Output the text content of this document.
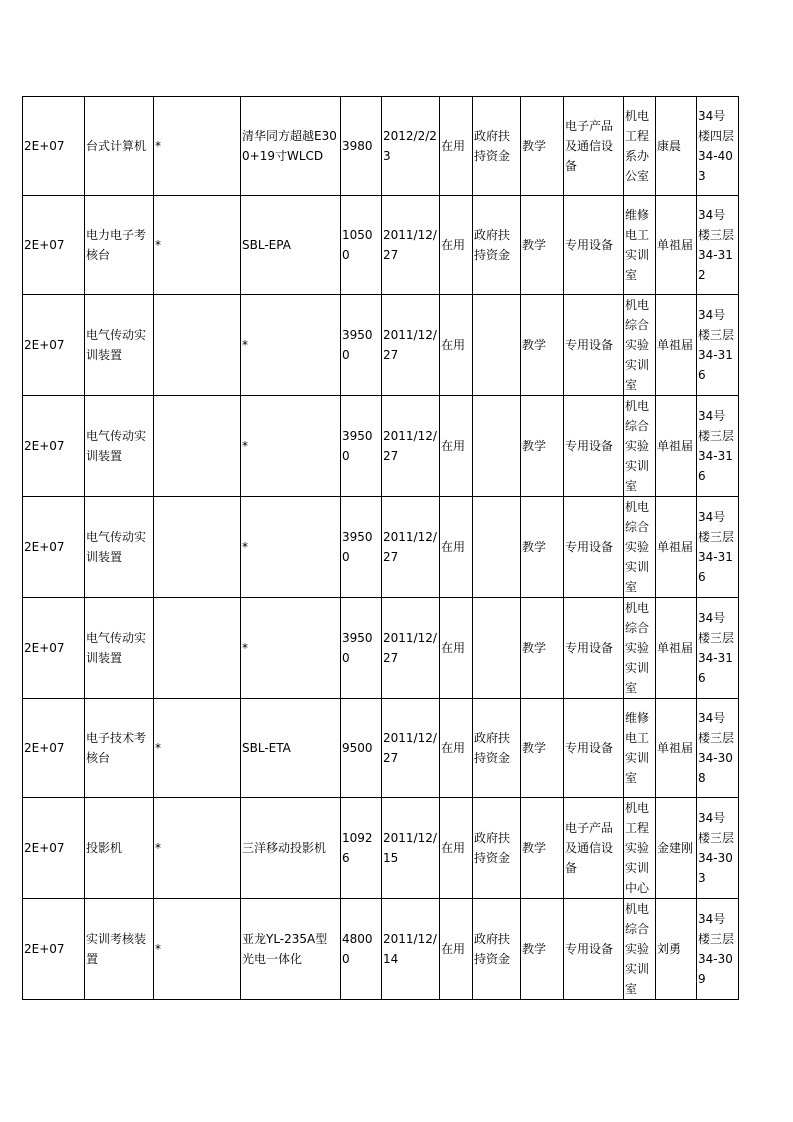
2E+07	台式计算机	*	清华同方超越E300+19寸WLCD	3980	2012/2/23	在用	政府扶持资金	教学	电子产品及通信设备	机电工程系办公室	康晨	34号楼四层34-403
2E+07	电力电子考核台	*	SBL-EPA	10500	2011/12/27	在用	政府扶持资金	教学	专用设备	维修电工实训室	单祖届	34号楼三层34-312
2E+07	电气传动实训装置		*	39500	2011/12/27	在用		教学	专用设备	机电综合实验实训室	单祖届	34号楼三层34-316
2E+07	电气传动实训装置		*	39500	2011/12/27	在用		教学	专用设备	机电综合实验实训室	单祖届	34号楼三层34-316
2E+07	电气传动实训装置		*	39500	2011/12/27	在用		教学	专用设备	机电综合实验实训室	单祖届	34号楼三层34-316
2E+07	电气传动实训装置		*	39500	2011/12/27	在用		教学	专用设备	机电综合实验实训室	单祖届	34号楼三层34-316
2E+07	电子技术考核台	*	SBL-ETA	9500	2011/12/27	在用	政府扶持资金	教学	专用设备	维修电工实训室	单祖届	34号楼三层34-308
2E+07	投影机	*	三洋移动投影机	10926	2011/12/15	在用	政府扶持资金	教学	电子产品及通信设备	机电工程实验实训中心	金建刚	34号楼三层34-303
2E+07	实训考核装置	*	亚龙YL-235A型光电一体化	48000	2011/12/14	在用	政府扶持资金	教学	专用设备	机电综合实验实训室	刘勇	34号楼三层34-309
